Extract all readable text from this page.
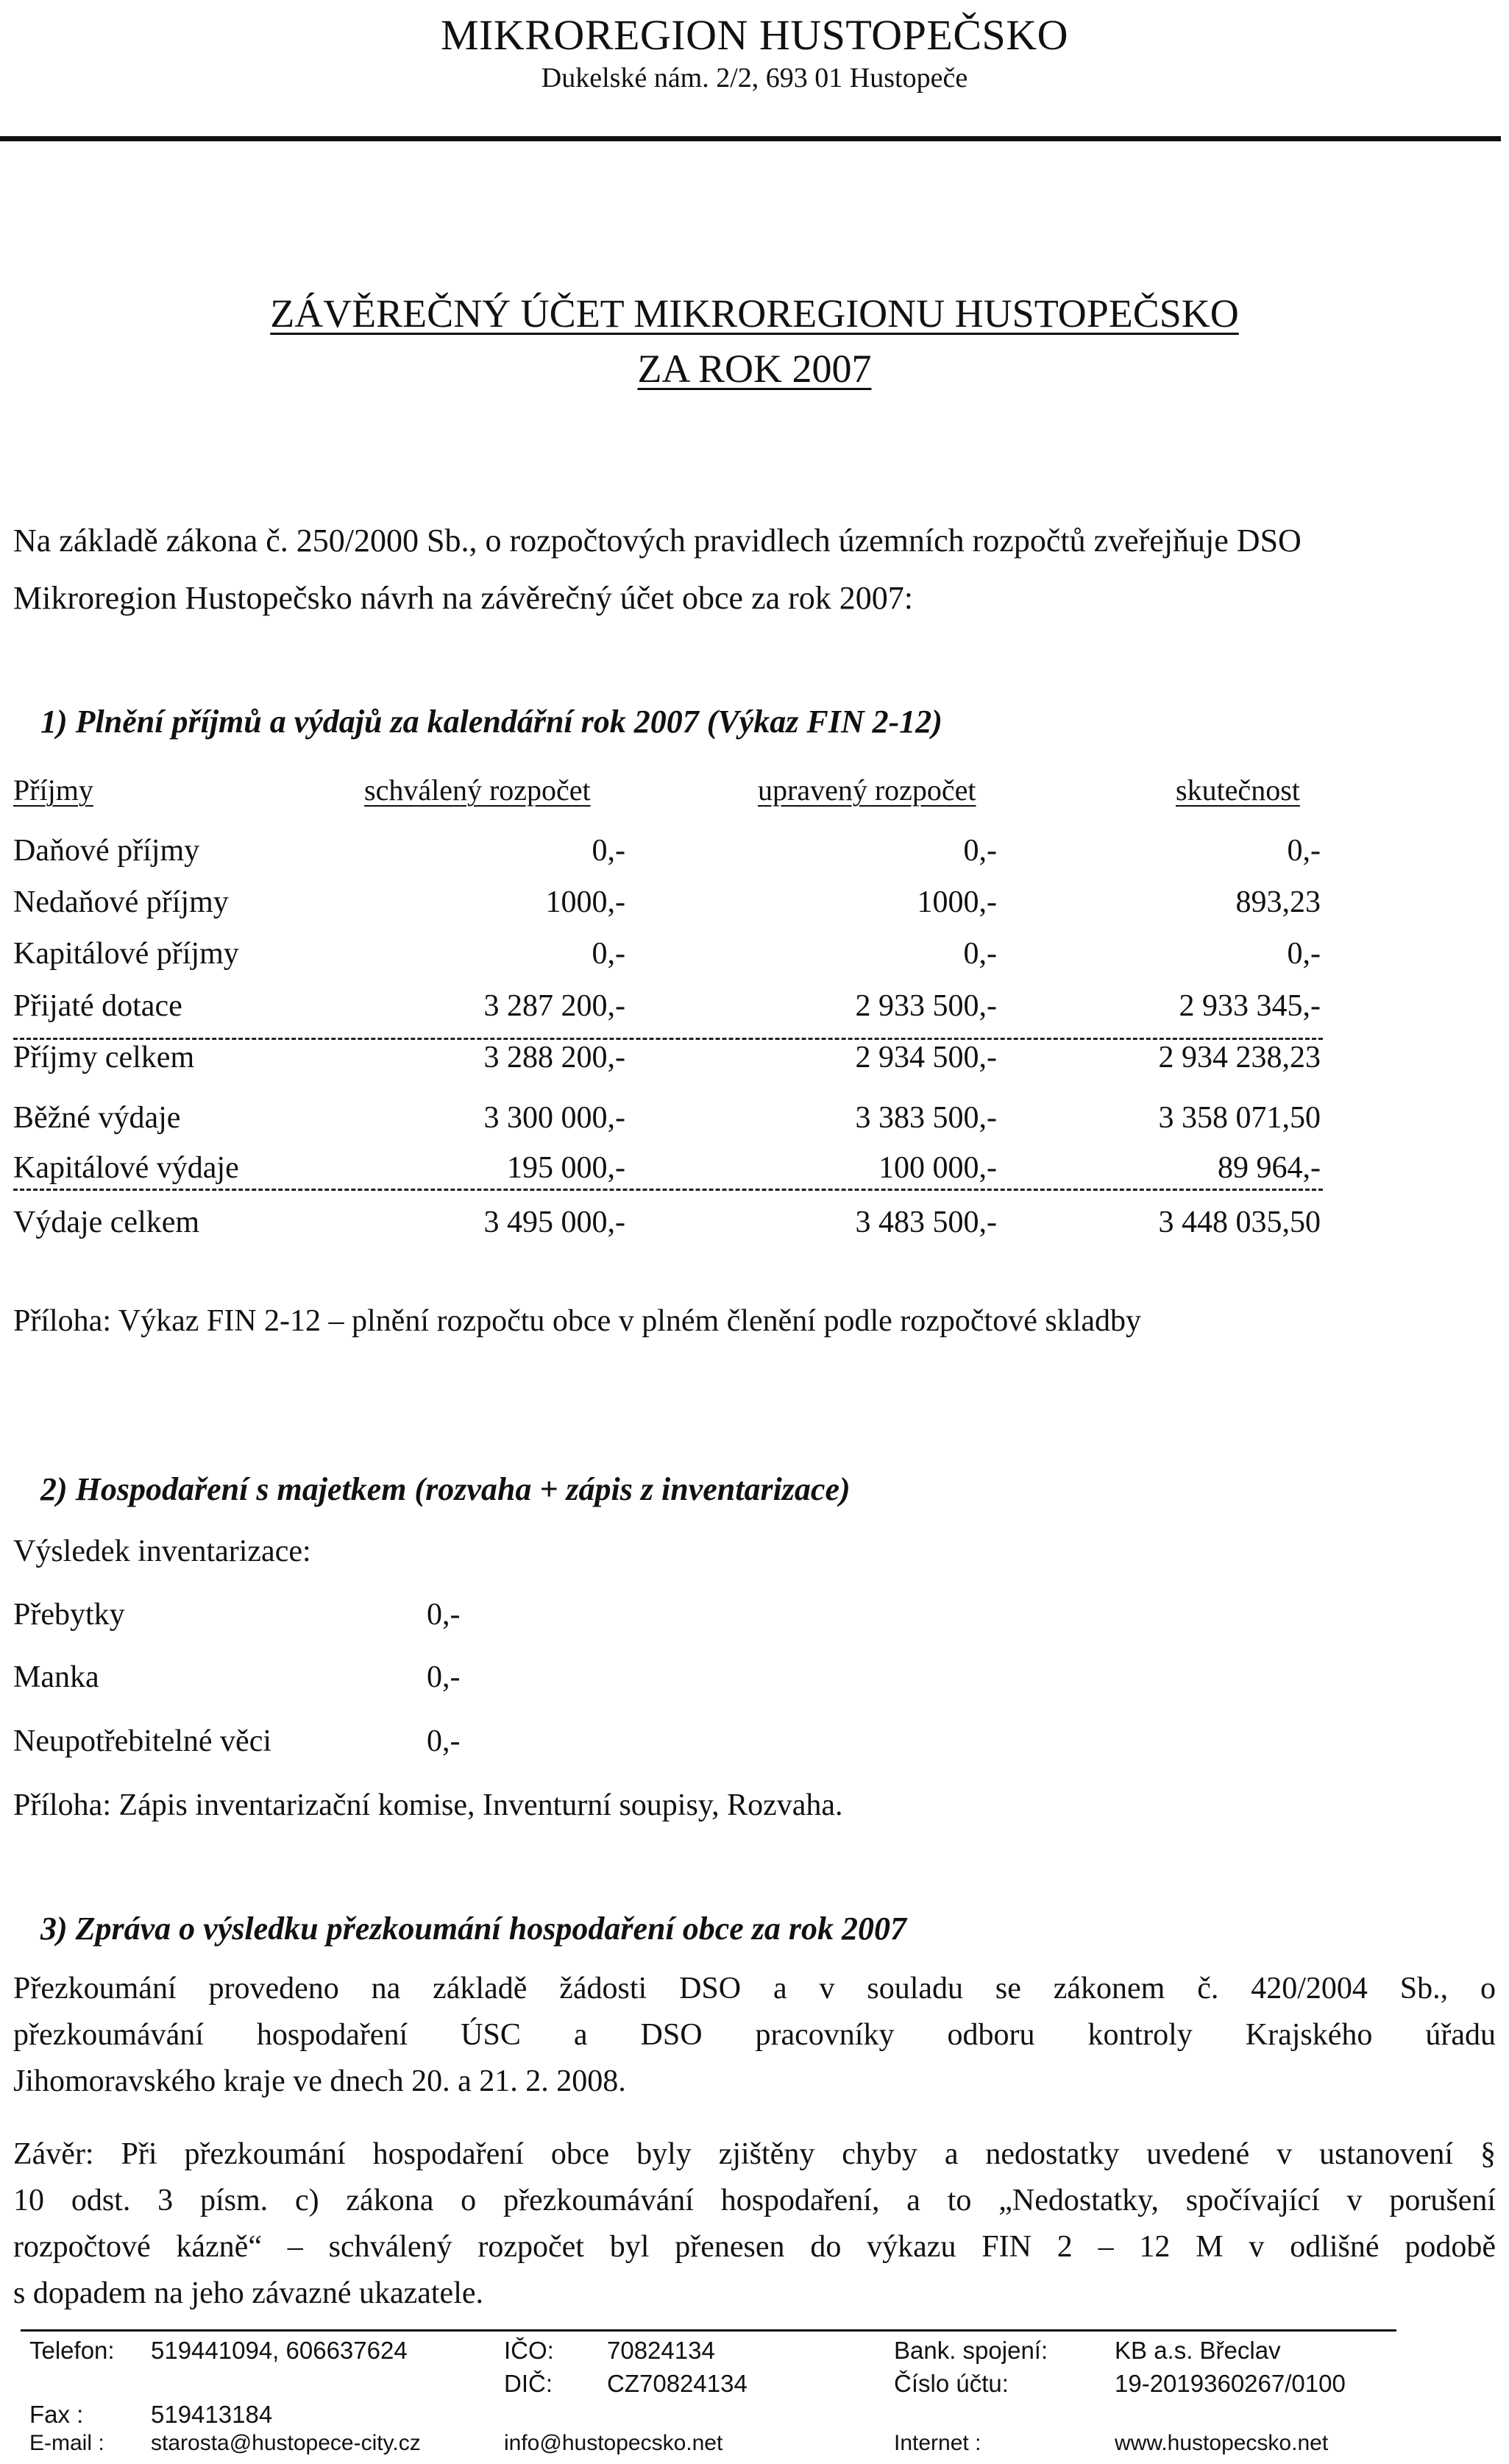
MIKROREGION HUSTOPEČSKO
Dukelské nám. 2/2, 693 01 Hustopeče
ZÁVĚREČNÝ ÚČET MIKROREGIONU HUSTOPEČSKO
ZA ROK 2007
Na základě zákona č. 250/2000 Sb., o rozpočtových pravidlech územních rozpočtů zveřejňuje DSO
Mikroregion Hustopečsko návrh na závěrečný účet obce za rok 2007:
1) Plnění příjmů a výdajů za kalendářní rok 2007 (Výkaz FIN 2-12)
Příjmy	schválený rozpočet	upravený rozpočet	skutečnost
Daňové příjmy	0,-	0,-	0,-
Nedaňové příjmy	1000,-	1000,-	893,23
Kapitálové příjmy	0,-	0,-	0,-
Přijaté dotace	3 287 200,-	2 933 500,-	2 933 345,-
Příjmy celkem	3 288 200,-	2 934 500,-	2 934 238,23
Běžné výdaje	3 300 000,-	3 383 500,-	3 358 071,50
Kapitálové výdaje	195 000,-	100 000,-	89 964,-
Výdaje celkem	3 495 000,-	3 483 500,-	3 448 035,50
Příloha: Výkaz FIN 2-12 – plnění rozpočtu obce v plném členění podle rozpočtové skladby
2) Hospodaření s majetkem (rozvaha + zápis z inventarizace)
Výsledek inventarizace:
Přebytky	0,-
Manka	0,-
Neupotřebitelné věci	0,-
Příloha: Zápis inventarizační komise, Inventurní soupisy, Rozvaha.
3) Zpráva o výsledku přezkoumání hospodaření obce za rok 2007
Přezkoumání provedeno na základě žádosti DSO a v souladu se zákonem č. 420/2004 Sb., o
přezkoumávání hospodaření ÚSC a DSO pracovníky odboru kontroly Krajského úřadu
Jihomoravského kraje ve dnech 20. a 21. 2. 2008.
Závěr: Při přezkoumání hospodaření obce byly zjištěny chyby a nedostatky uvedené v ustanovení §
10 odst. 3 písm. c) zákona o přezkoumávání hospodaření, a to „Nedostatky, spočívající v porušení
rozpočtové kázně“ – schválený rozpočet byl přenesen do výkazu FIN 2 – 12 M v odlišné podobě
s dopadem na jeho závazné ukazatele.
Telefon: 519441094, 606637624	IČO: 70824134	Bank. spojení:	KB a.s. Břeclav
DIČ: CZ70824134	Číslo účtu:	19-2019360267/0100
Fax :	519413184
E-mail : starosta@hustopece-city.cz	info@hustopecsko.net	Internet :	www.hustopecsko.net
